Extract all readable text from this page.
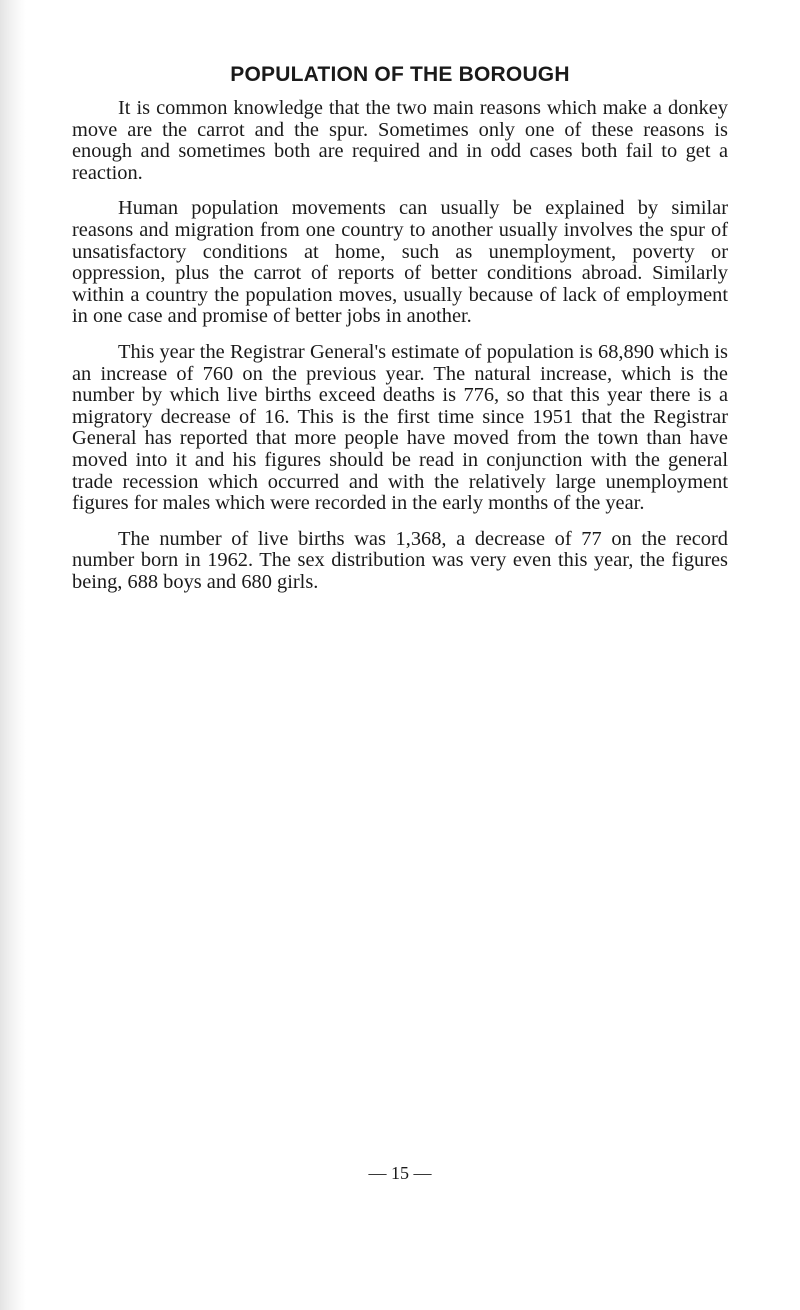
POPULATION OF THE BOROUGH

It is common knowledge that the two main reasons which make a donkey move are the carrot and the spur. Sometimes only one of these reasons is enough and sometimes both are required and in odd cases both fail to get a reaction.

Human population movements can usually be explained by similar reasons and migration from one country to another usually involves the spur of unsatisfactory conditions at home, such as unemployment, poverty or oppression, plus the carrot of reports of better conditions abroad. Similarly within a country the population moves, usually because of lack of employment in one case and promise of better jobs in another.

This year the Registrar General's estimate of population is 68,890 which is an increase of 760 on the previous year. The natural increase, which is the number by which live births exceed deaths is 776, so that this year there is a migratory decrease of 16. This is the first time since 1951 that the Registrar General has reported that more people have moved from the town than have moved into it and his figures should be read in conjunction with the general trade recession which occurred and with the relatively large unemployment figures for males which were recorded in the early months of the year.

The number of live births was 1,368, a decrease of 77 on the record number born in 1962. The sex distribution was very even this year, the figures being, 688 boys and 680 girls.

— 15 —
